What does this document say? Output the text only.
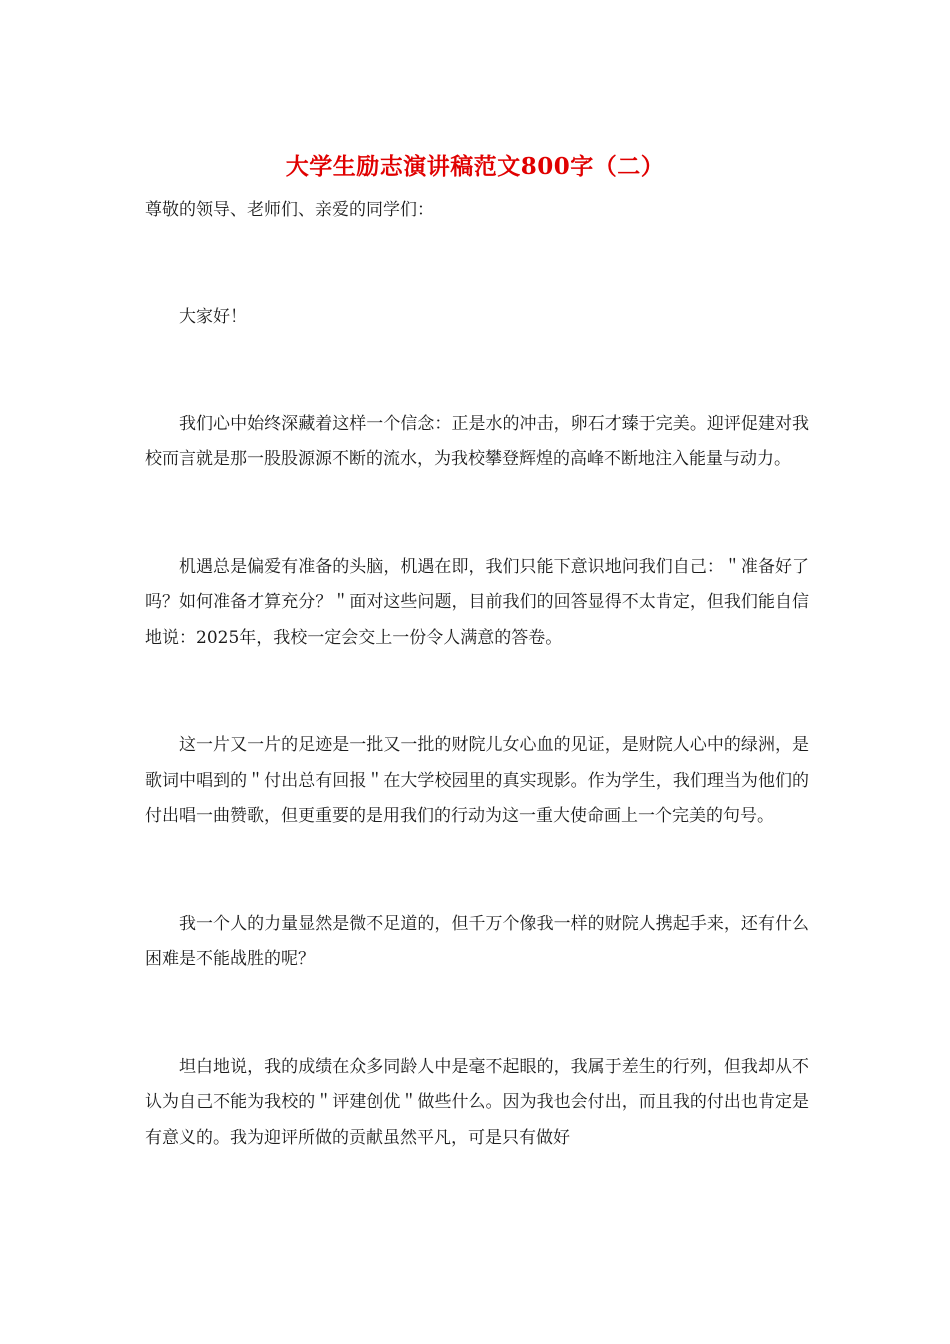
大学生励志演讲稿范文800字（二）

尊敬的领导、老师们、亲爱的同学们：

大家好！

我们心中始终深藏着这样一个信念：正是水的冲击，卵石才臻于完美。迎评促建对我校而言就是那一股股源源不断的流水，为我校攀登辉煌的高峰不断地注入能量与动力。

机遇总是偏爱有准备的头脑，机遇在即，我们只能下意识地问我们自己：＂准备好了吗？如何准备才算充分？＂面对这些问题，目前我们的回答显得不太肯定，但我们能自信地说：2025年，我校一定会交上一份令人满意的答卷。

这一片又一片的足迹是一批又一批的财院儿女心血的见证，是财院人心中的绿洲，是歌词中唱到的＂付出总有回报＂在大学校园里的真实现影。作为学生，我们理当为他们的付出唱一曲赞歌，但更重要的是用我们的行动为这一重大使命画上一个完美的句号。

我一个人的力量显然是微不足道的，但千万个像我一样的财院人携起手来，还有什么困难是不能战胜的呢？

坦白地说，我的成绩在众多同龄人中是毫不起眼的，我属于差生的行列，但我却从不认为自己不能为我校的＂评建创优＂做些什么。因为我也会付出，而且我的付出也肯定是有意义的。我为迎评所做的贡献虽然平凡，可是只有做好
